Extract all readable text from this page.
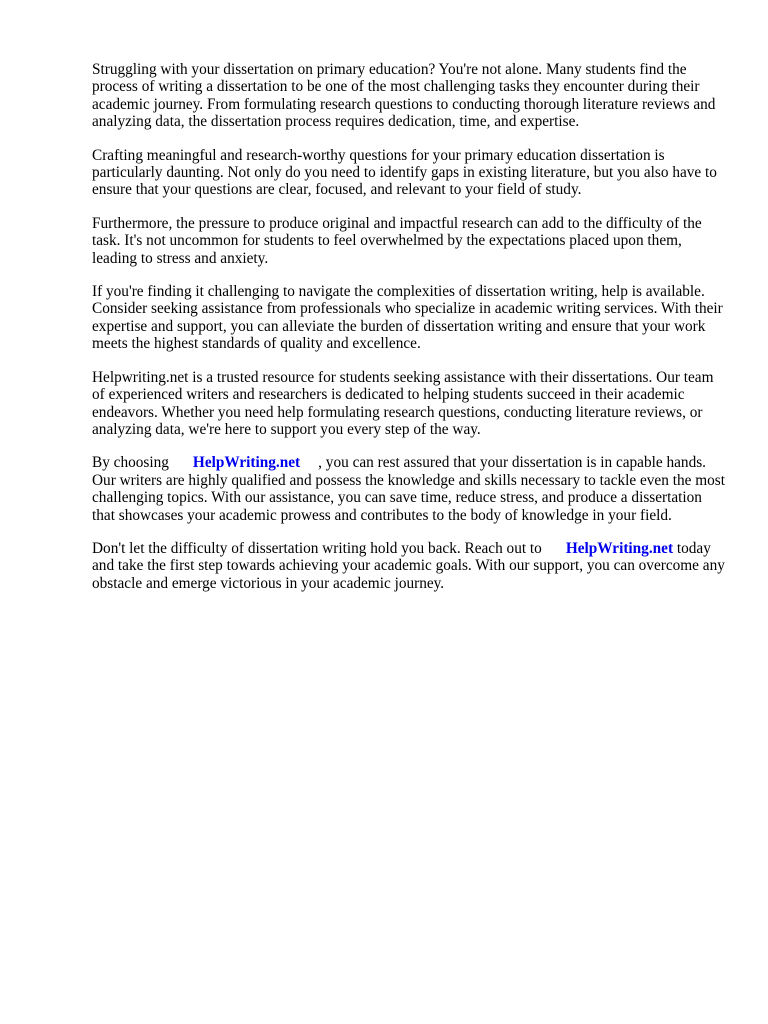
Struggling with your dissertation on primary education? You're not alone. Many students find the process of writing a dissertation to be one of the most challenging tasks they encounter during their academic journey. From formulating research questions to conducting thorough literature reviews and analyzing data, the dissertation process requires dedication, time, and expertise.

Crafting meaningful and research-worthy questions for your primary education dissertation is particularly daunting. Not only do you need to identify gaps in existing literature, but you also have to ensure that your questions are clear, focused, and relevant to your field of study.

Furthermore, the pressure to produce original and impactful research can add to the difficulty of the task. It's not uncommon for students to feel overwhelmed by the expectations placed upon them, leading to stress and anxiety.

If you're finding it challenging to navigate the complexities of dissertation writing, help is available. Consider seeking assistance from professionals who specialize in academic writing services. With their expertise and support, you can alleviate the burden of dissertation writing and ensure that your work meets the highest standards of quality and excellence.

Helpwriting.net is a trusted resource for students seeking assistance with their dissertations. Our team of experienced writers and researchers is dedicated to helping students succeed in their academic endeavors. Whether you need help formulating research questions, conducting literature reviews, or analyzing data, we're here to support you every step of the way.

By choosing HelpWriting.net , you can rest assured that your dissertation is in capable hands. Our writers are highly qualified and possess the knowledge and skills necessary to tackle even the most challenging topics. With our assistance, you can save time, reduce stress, and produce a dissertation that showcases your academic prowess and contributes to the body of knowledge in your field.

Don't let the difficulty of dissertation writing hold you back. Reach out to HelpWriting.net today and take the first step towards achieving your academic goals. With our support, you can overcome any obstacle and emerge victorious in your academic journey.
